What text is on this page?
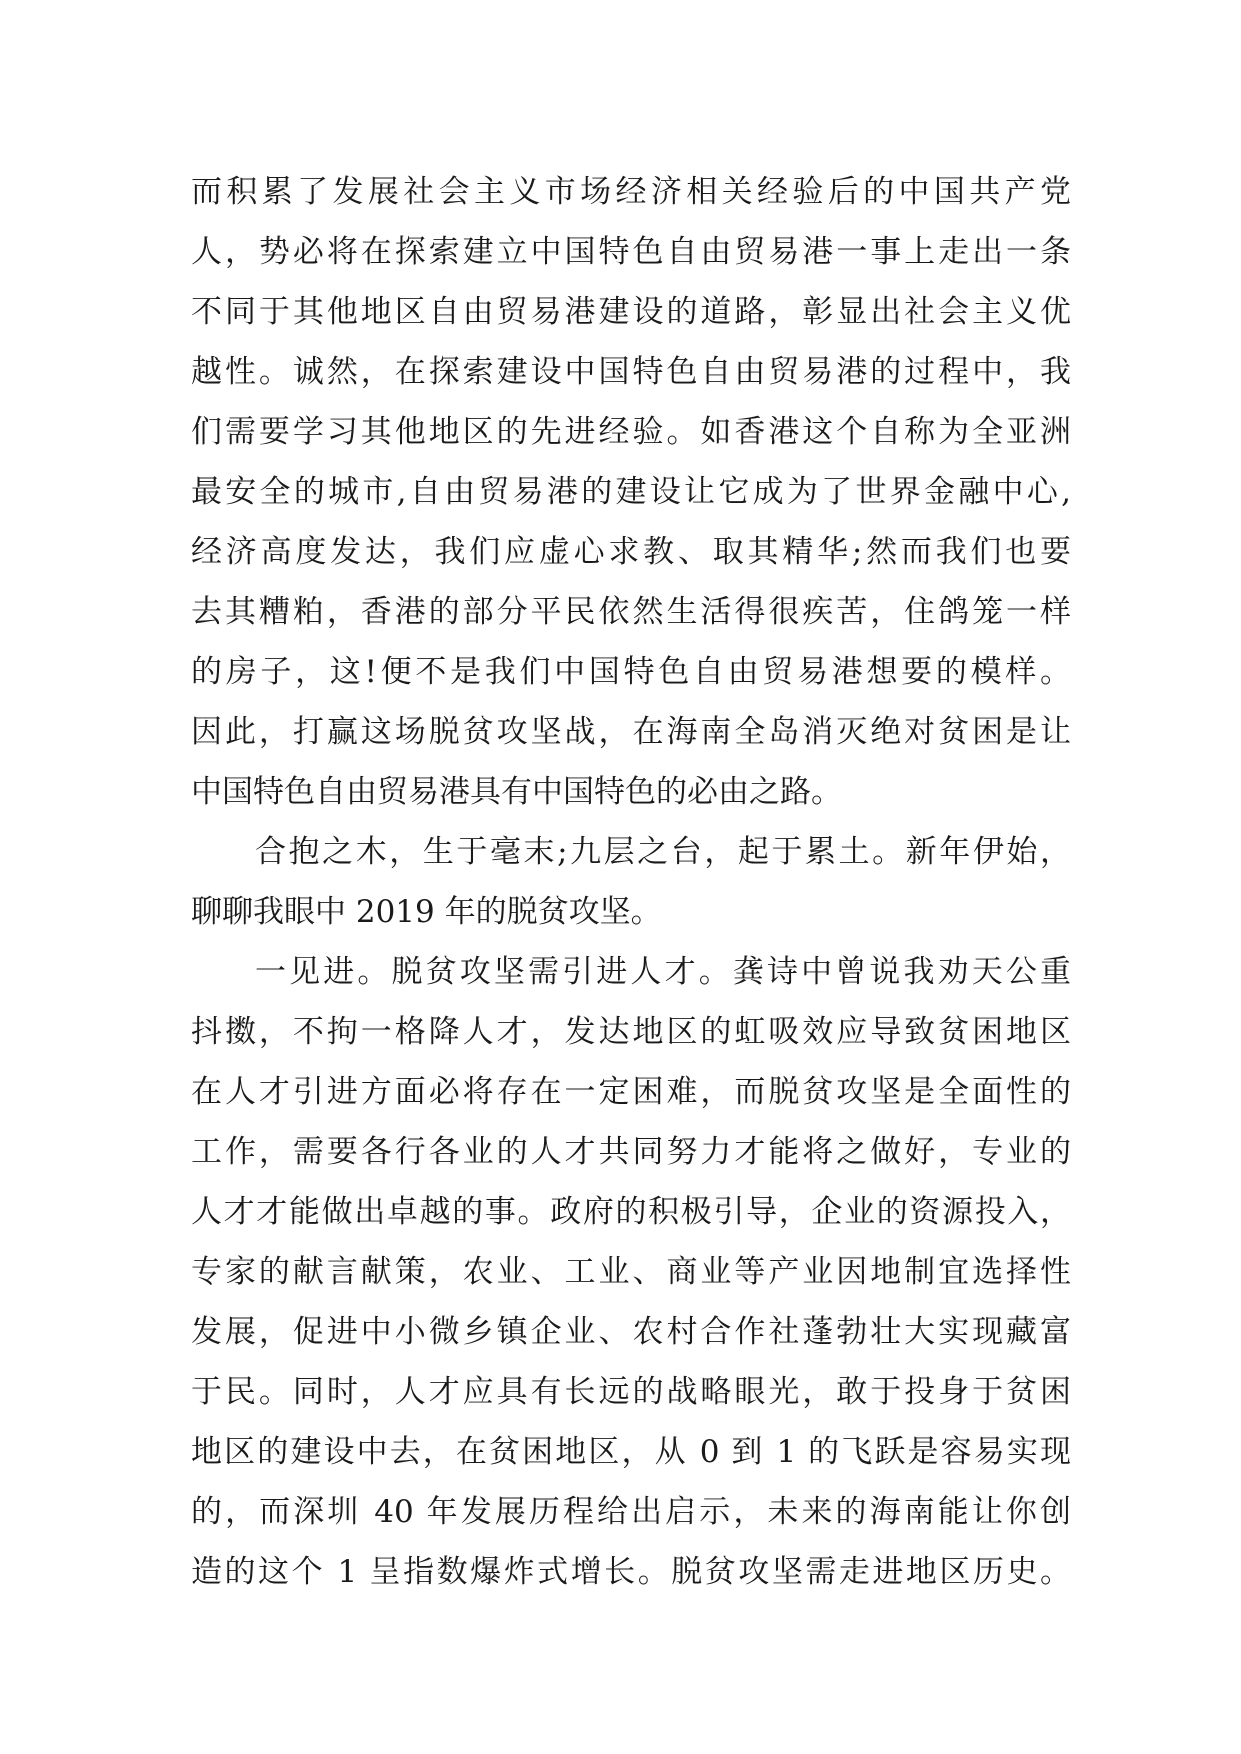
而积累了发展社会主义市场经济相关经验后的中国共产党
人，势必将在探索建立中国特色自由贸易港一事上走出一条
不同于其他地区自由贸易港建设的道路，彰显出社会主义优
越性。诚然，在探索建设中国特色自由贸易港的过程中，我
们需要学习其他地区的先进经验。如香港这个自称为全亚洲
最安全的城市,自由贸易港的建设让它成为了世界金融中心,
经济高度发达，我们应虚心求教、取其精华;然而我们也要
去其糟粕，香港的部分平民依然生活得很疾苦，住鸽笼一样
的房子，这!便不是我们中国特色自由贸易港想要的模样。
因此，打赢这场脱贫攻坚战，在海南全岛消灭绝对贫困是让
中国特色自由贸易港具有中国特色的必由之路。
合抱之木，生于毫末;九层之台，起于累土。新年伊始，
聊聊我眼中 2019 年的脱贫攻坚。
一见进。脱贫攻坚需引进人才。龚诗中曾说我劝天公重
抖擞，不拘一格降人才，发达地区的虹吸效应导致贫困地区
在人才引进方面必将存在一定困难，而脱贫攻坚是全面性的
工作，需要各行各业的人才共同努力才能将之做好，专业的
人才才能做出卓越的事。政府的积极引导，企业的资源投入，
专家的献言献策，农业、工业、商业等产业因地制宜选择性
发展，促进中小微乡镇企业、农村合作社蓬勃壮大实现藏富
于民。同时，人才应具有长远的战略眼光，敢于投身于贫困
地区的建设中去，在贫困地区，从 0 到 1 的飞跃是容易实现
的，而深圳 40 年发展历程给出启示，未来的海南能让你创
造的这个 1 呈指数爆炸式增长。脱贫攻坚需走进地区历史。
